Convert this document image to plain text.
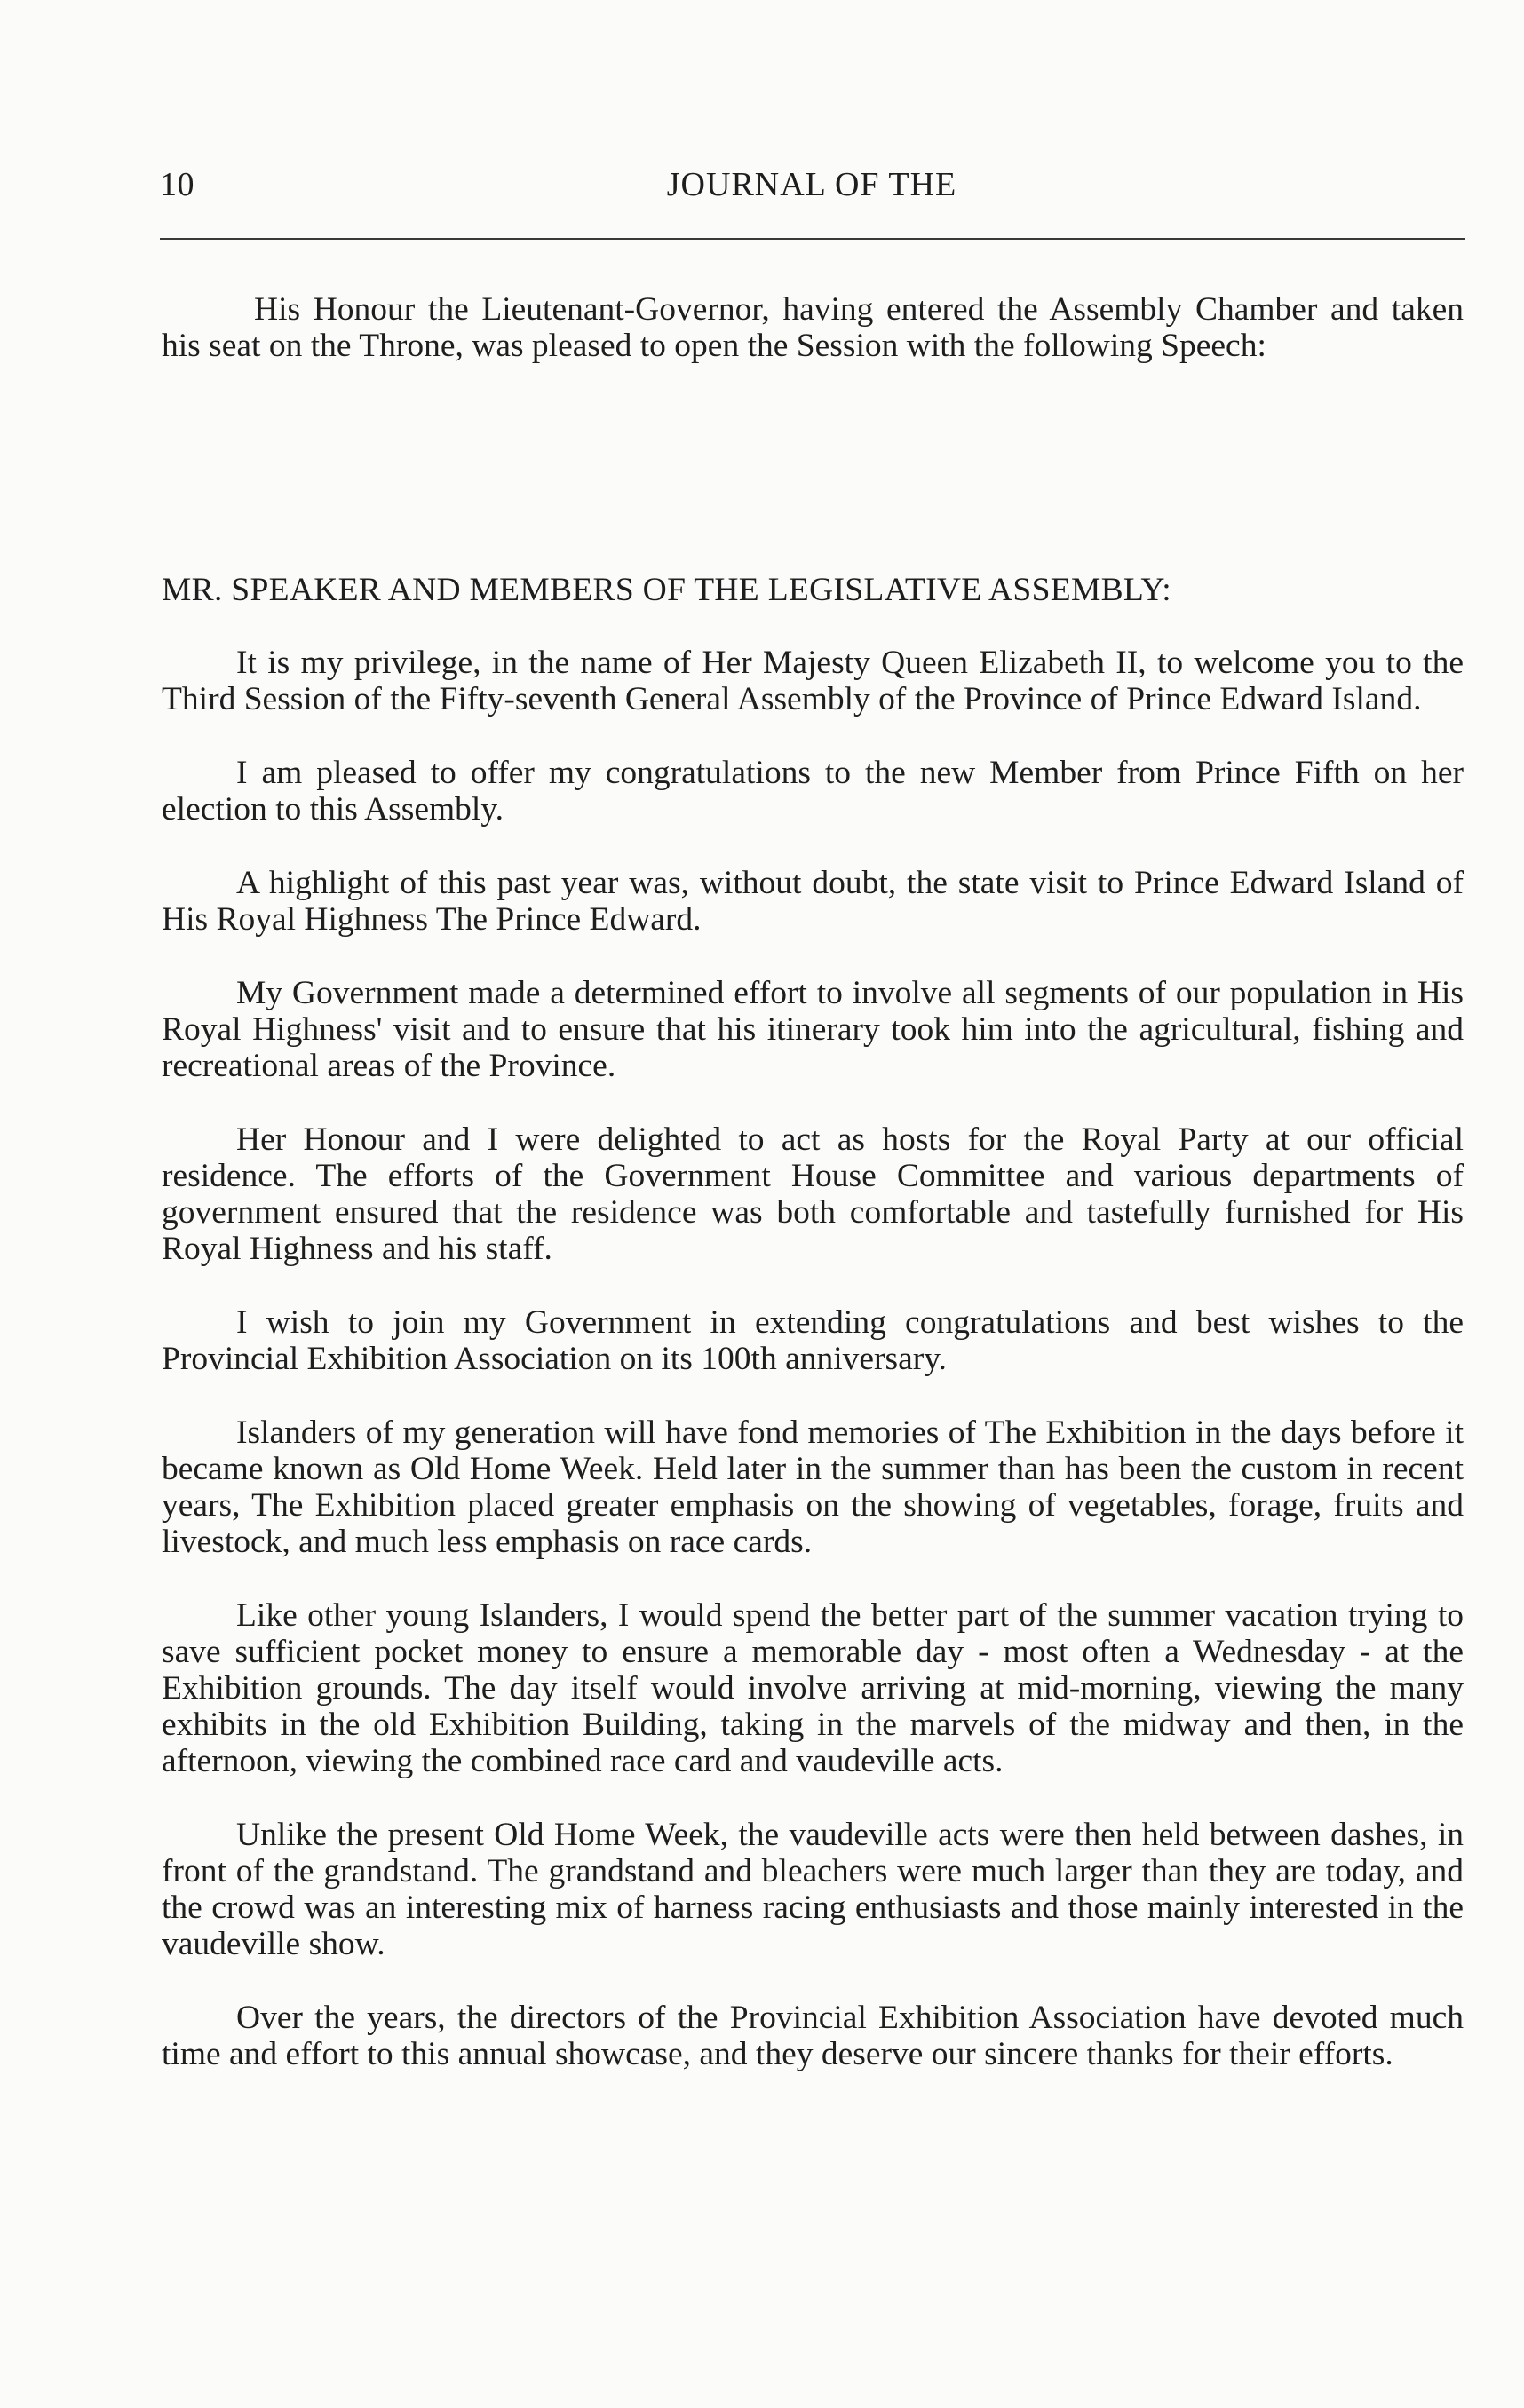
10	JOURNAL OF THE

His Honour the Lieutenant-Governor, having entered the Assembly Chamber and taken his seat on the Throne, was pleased to open the Session with the following Speech:

MR. SPEAKER AND MEMBERS OF THE LEGISLATIVE ASSEMBLY:

It is my privilege, in the name of Her Majesty Queen Elizabeth II, to welcome you to the Third Session of the Fifty-seventh General Assembly of the Province of Prince Edward Island.

I am pleased to offer my congratulations to the new Member from Prince Fifth on her election to this Assembly.

A highlight of this past year was, without doubt, the state visit to Prince Edward Island of His Royal Highness The Prince Edward.

My Government made a determined effort to involve all segments of our population in His Royal Highness' visit and to ensure that his itinerary took him into the agricultural, fishing and recreational areas of the Province.

Her Honour and I were delighted to act as hosts for the Royal Party at our official residence. The efforts of the Government House Committee and various departments of government ensured that the residence was both comfortable and tastefully furnished for His Royal Highness and his staff.

I wish to join my Government in extending congratulations and best wishes to the Provincial Exhibition Association on its 100th anniversary.

Islanders of my generation will have fond memories of The Exhibition in the days before it became known as Old Home Week. Held later in the summer than has been the custom in recent years, The Exhibition placed greater emphasis on the showing of vegetables, forage, fruits and livestock, and much less emphasis on race cards.

Like other young Islanders, I would spend the better part of the summer vacation trying to save sufficient pocket money to ensure a memorable day - most often a Wednesday - at the Exhibition grounds. The day itself would involve arriving at mid-morning, viewing the many exhibits in the old Exhibition Building, taking in the marvels of the midway and then, in the afternoon, viewing the combined race card and vaudeville acts.

Unlike the present Old Home Week, the vaudeville acts were then held between dashes, in front of the grandstand. The grandstand and bleachers were much larger than they are today, and the crowd was an interesting mix of harness racing enthusiasts and those mainly interested in the vaudeville show.

Over the years, the directors of the Provincial Exhibition Association have devoted much time and effort to this annual showcase, and they deserve our sincere thanks for their efforts.
